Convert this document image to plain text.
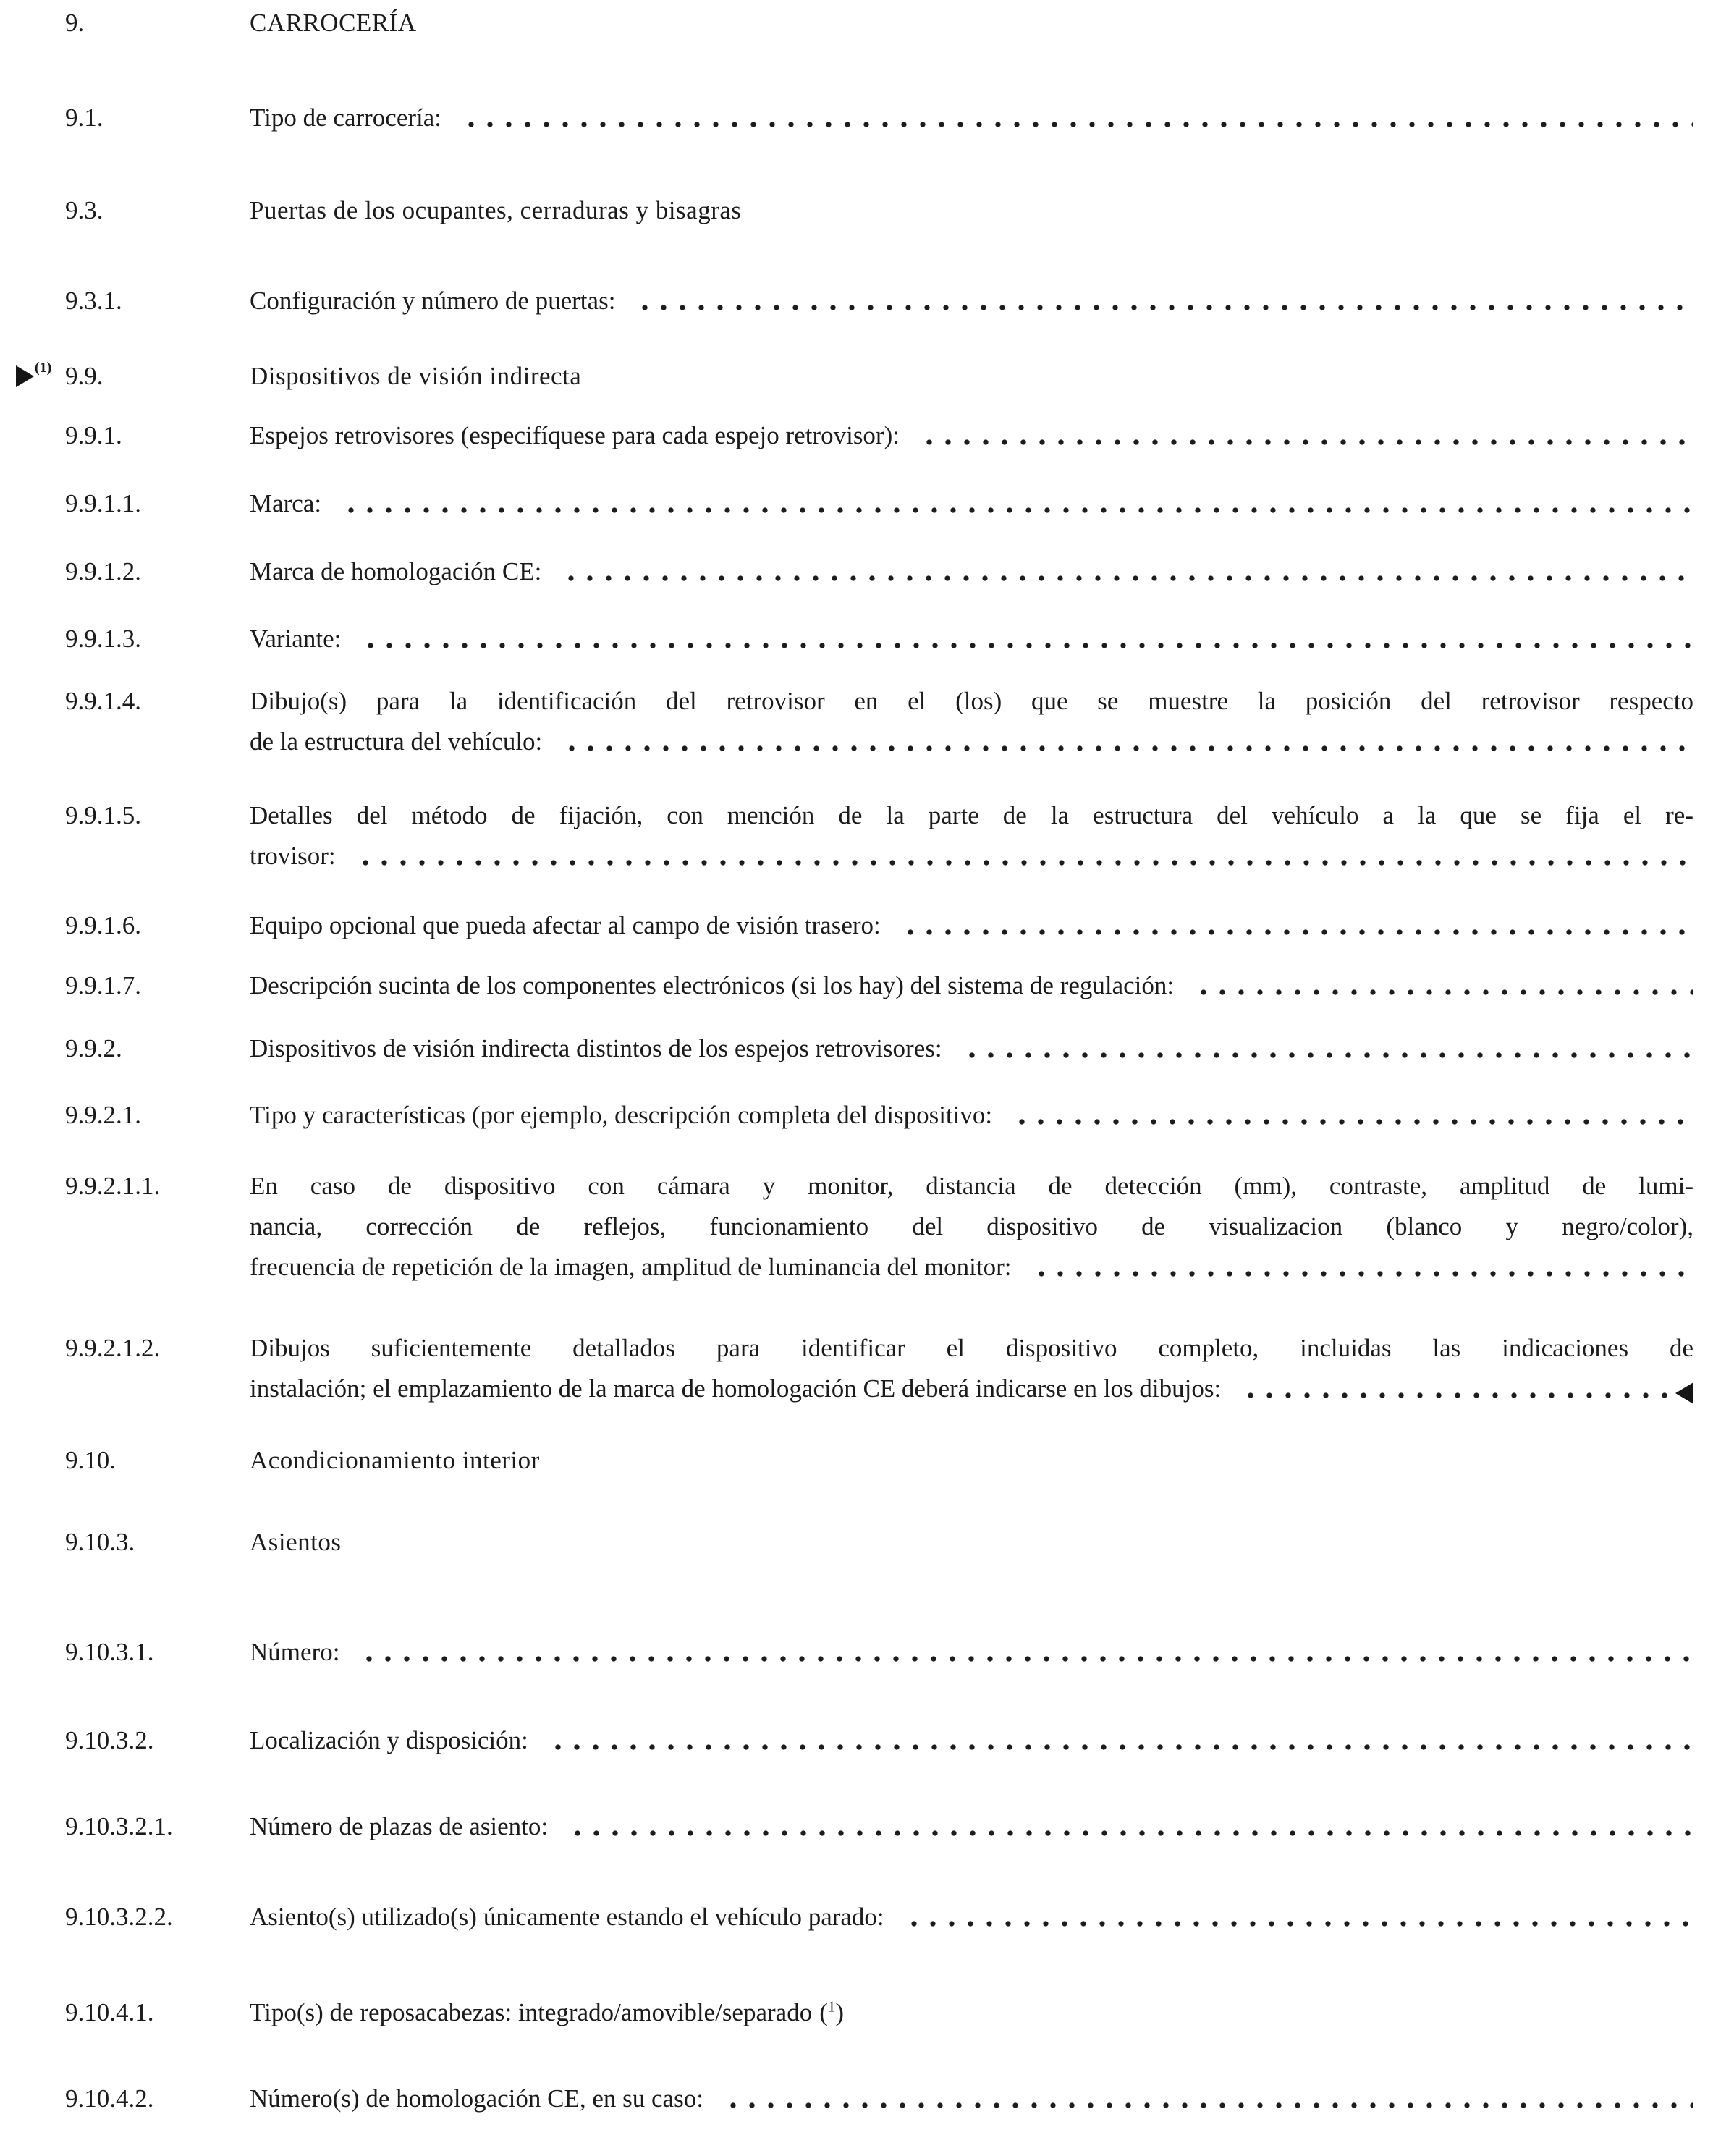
9.	CARROCERÍA
9.1.	Tipo de carrocería:
9.3.	Puertas de los ocupantes, cerraduras y bisagras
9.3.1.	Configuración y número de puertas:
(1) 9.9.	Dispositivos de visión indirecta
9.9.1.	Espejos retrovisores (especifíquese para cada espejo retrovisor):
9.9.1.1.	Marca:
9.9.1.2.	Marca de homologación CE:
9.9.1.3.	Variante:
9.9.1.4.	Dibujo(s) para la identificación del retrovisor en el (los) que se muestre la posición del retrovisor respecto
de la estructura del vehículo:
9.9.1.5.	Detalles del método de fijación, con mención de la parte de la estructura del vehículo a la que se fija el re-
trovisor:
9.9.1.6.	Equipo opcional que pueda afectar al campo de visión trasero:
9.9.1.7.	Descripción sucinta de los componentes electrónicos (si los hay) del sistema de regulación:
9.9.2.	Dispositivos de visión indirecta distintos de los espejos retrovisores:
9.9.2.1.	Tipo y características (por ejemplo, descripción completa del dispositivo:
9.9.2.1.1.	En caso de dispositivo con cámara y monitor, distancia de detección (mm), contraste, amplitud de lumi-
nancia, corrección de reflejos, funcionamiento del dispositivo de visualizacion (blanco y negro/color),
frecuencia de repetición de la imagen, amplitud de luminancia del monitor:
9.9.2.1.2.	Dibujos suficientemente detallados para identificar el dispositivo completo, incluidas las indicaciones de
instalación; el emplazamiento de la marca de homologación CE deberá indicarse en los dibujos:
9.10.	Acondicionamiento interior
9.10.3.	Asientos
9.10.3.1.	Número:
9.10.3.2.	Localización y disposición:
9.10.3.2.1.	Número de plazas de asiento:
9.10.3.2.2.	Asiento(s) utilizado(s) únicamente estando el vehículo parado:
9.10.4.1.	Tipo(s) de reposacabezas: integrado/amovible/separado ($^1$)
9.10.4.2.	Número(s) de homologación CE, en su caso:
